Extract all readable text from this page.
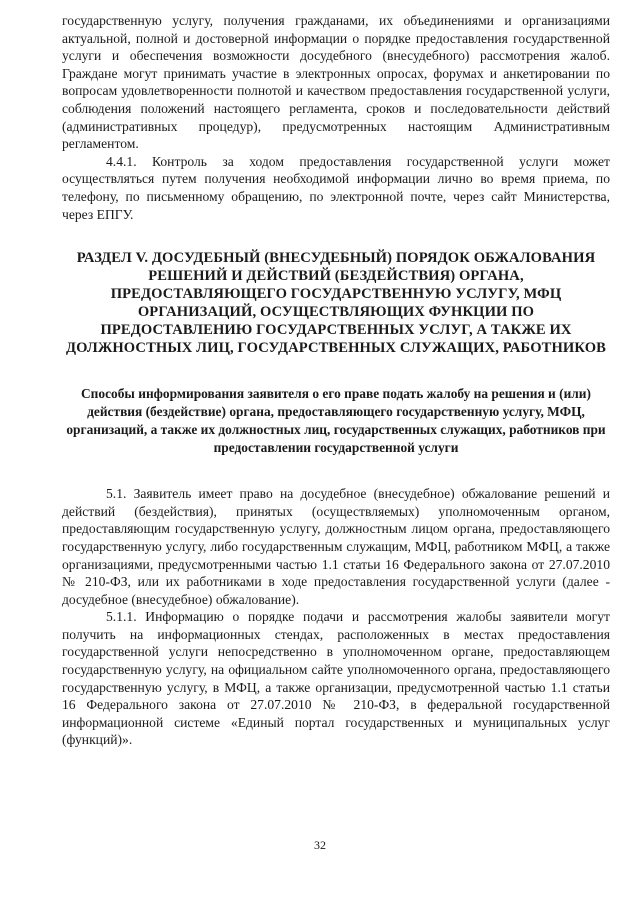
государственную услугу, получения гражданами, их объединениями и организациями актуальной, полной и достоверной информации о порядке предоставления государственной услуги и обеспечения возможности досудебного (внесудебного) рассмотрения жалоб. Граждане могут принимать участие в электронных опросах, форумах и анкетировании по вопросам удовлетворенности полнотой и качеством предоставления государственной услуги, соблюдения положений настоящего регламента, сроков и последовательности действий (административных процедур), предусмотренных настоящим Административным регламентом.

4.4.1. Контроль за ходом предоставления государственной услуги может осуществляться путем получения необходимой информации лично во время приема, по телефону, по письменному обращению, по электронной почте, через сайт Министерства, через ЕПГУ.

РАЗДЕЛ V. ДОСУДЕБНЫЙ (ВНЕСУДЕБНЫЙ) ПОРЯДОК ОБЖАЛОВАНИЯ РЕШЕНИЙ И ДЕЙСТВИЙ (БЕЗДЕЙСТВИЯ) ОРГАНА, ПРЕДОСТАВЛЯЮЩЕГО ГОСУДАРСТВЕННУЮ УСЛУГУ, МФЦ ОРГАНИЗАЦИЙ, ОСУЩЕСТВЛЯЮЩИХ ФУНКЦИИ ПО ПРЕДОСТАВЛЕНИЮ ГОСУДАРСТВЕННЫХ УСЛУГ, А ТАКЖЕ ИХ ДОЛЖНОСТНЫХ ЛИЦ, ГОСУДАРСТВЕННЫХ СЛУЖАЩИХ, РАБОТНИКОВ
Способы информирования заявителя о его праве подать жалобу на решения и (или) действия (бездействие) органа, предоставляющего государственную услугу, МФЦ, организаций, а также их должностных лиц, государственных служащих, работников при предоставлении государственной услуги

5.1. Заявитель имеет право на досудебное (внесудебное) обжалование решений и действий (бездействия), принятых (осуществляемых) уполномоченным органом, предоставляющим государственную услугу, должностным лицом органа, предоставляющего государственную услугу, либо государственным служащим, МФЦ, работником МФЦ, а также организациями, предусмотренными частью 1.1 статьи 16 Федерального закона от 27.07.2010 № 210-ФЗ, или их работниками в ходе предоставления государственной услуги (далее - досудебное (внесудебное) обжалование).

5.1.1. Информацию о порядке подачи и рассмотрения жалобы заявители могут получить на информационных стендах, расположенных в местах предоставления государственной услуги непосредственно в уполномоченном органе, предоставляющем государственную услугу, на официальном сайте уполномоченного органа, предоставляющего государственную услугу, в МФЦ, а также организации, предусмотренной частью 1.1 статьи 16 Федерального закона от 27.07.2010 № 210-ФЗ, в федеральной государственной информационной системе «Единый портал государственных и муниципальных услуг (функций)».

32
